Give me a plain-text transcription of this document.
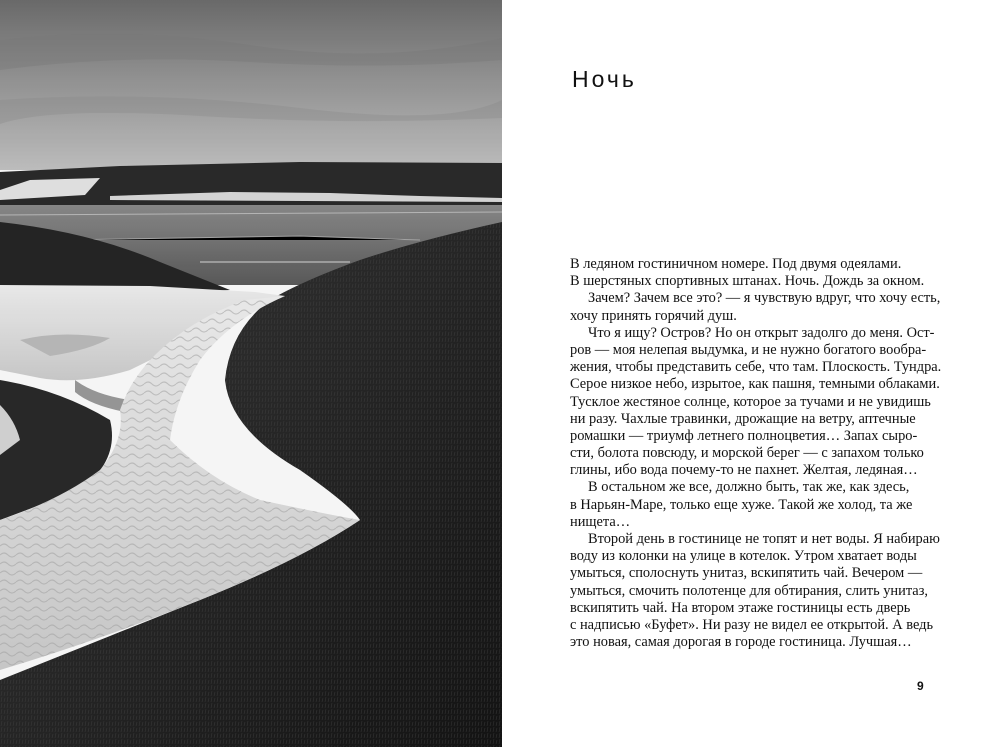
Ночь
В ледяном гостиничном номере. Под двумя одеялами.
В шерстяных спортивных штанах. Ночь. Дождь за окном.
Зачем? Зачем все это? — я чувствую вдруг, что хочу есть,
хочу принять горячий душ.
Что я ищу? Остров? Но он открыт задолго до меня. Ост-
ров — моя нелепая выдумка, и не нужно богатого вообра-
жения, чтобы представить себе, что там. Плоскость. Тундра.
Серое низкое небо, изрытое, как пашня, темными облаками.
Тусклое жестяное солнце, которое за тучами и не увидишь
ни разу. Чахлые травинки, дрожащие на ветру, аптечные
ромашки — триумф летнего полноцветия… Запах сыро-
сти, болота повсюду, и морской берег — с запахом только
глины, ибо вода почему-то не пахнет. Желтая, ледяная…
В остальном же все, должно быть, так же, как здесь,
в Нарьян-Маре, только еще хуже. Такой же холод, та же
нищета…
Второй день в гостинице не топят и нет воды. Я набираю
воду из колонки на улице в котелок. Утром хватает воды
умыться, сполоснуть унитаз, вскипятить чай. Вечером —
умыться, смочить полотенце для обтирания, слить унитаз,
вскипятить чай. На втором этаже гостиницы есть дверь
с надписью «Буфет». Ни разу не видел ее открытой. А ведь
это новая, самая дорогая в городе гостиница. Лучшая…
9
